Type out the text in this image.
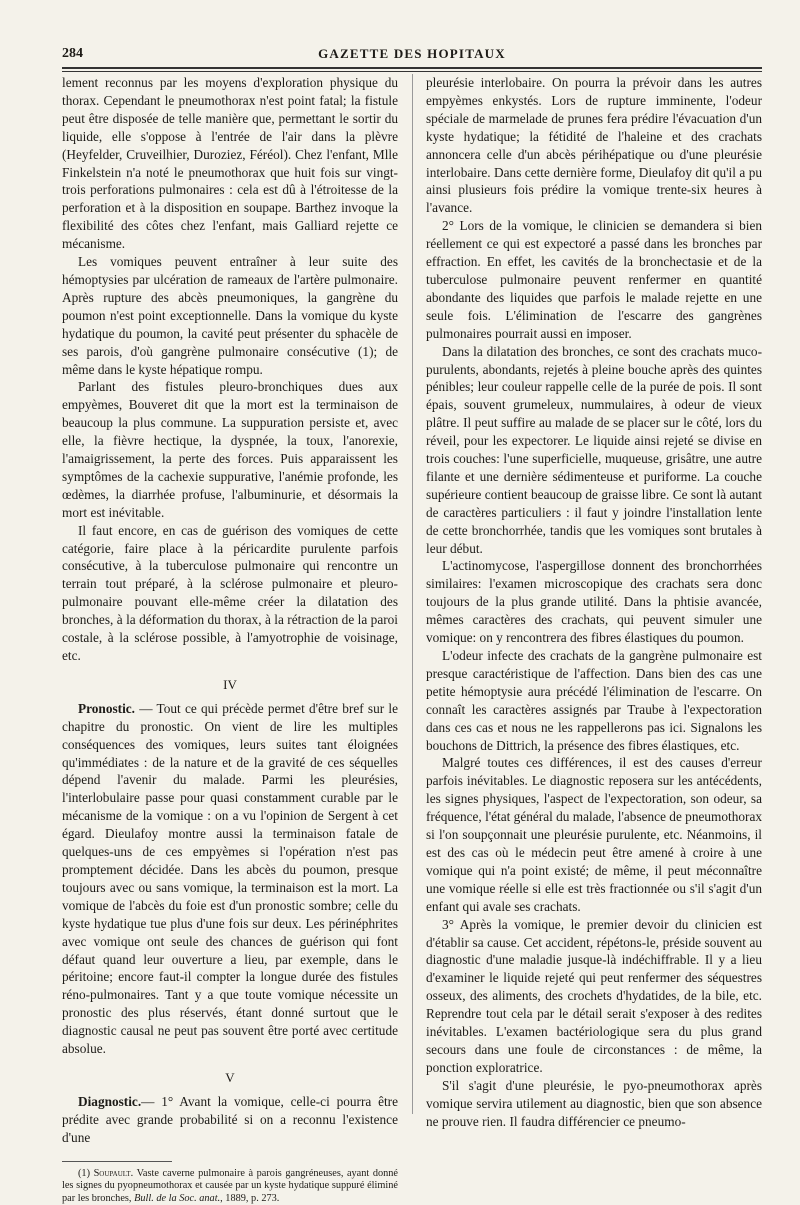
284	GAZETTE DES HOPITAUX

lement reconnus par les moyens d'exploration physique du thorax. Cependant le pneumothorax n'est point fatal; la fistule peut être disposée de telle manière que, permettant le sortir du liquide, elle s'oppose à l'entrée de l'air dans la plèvre (Heyfelder, Cruveilhier, Duroziez, Féréol). Chez l'enfant, Mlle Finkelstein n'a noté le pneumothorax que huit fois sur vingt-trois perforations pulmonaires : cela est dû à l'étroitesse de la perforation et à la disposition en soupape. Barthez invoque la flexibilité des côtes chez l'enfant, mais Galliard rejette ce mécanisme.

Les vomiques peuvent entraîner à leur suite des hémoptysies par ulcération de rameaux de l'artère pulmonaire. Après rupture des abcès pneumoniques, la gangrène du poumon n'est point exceptionnelle. Dans la vomique du kyste hydatique du poumon, la cavité peut présenter du sphacèle de ses parois, d'où gangrène pulmonaire consécutive (1); de même dans le kyste hépatique rompu.

Parlant des fistules pleuro-bronchiques dues aux empyèmes, Bouveret dit que la mort est la terminaison de beaucoup la plus commune. La suppuration persiste et, avec elle, la fièvre hectique, la dyspnée, la toux, l'anorexie, l'amaigrissement, la perte des forces. Puis apparaissent les symptômes de la cachexie suppurative, l'anémie profonde, les œdèmes, la diarrhée profuse, l'albuminurie, et désormais la mort est inévitable.

Il faut encore, en cas de guérison des vomiques de cette catégorie, faire place à la péricardite purulente parfois consécutive, à la tuberculose pulmonaire qui rencontre un terrain tout préparé, à la sclérose pulmonaire et pleuro-pulmonaire pouvant elle-même créer la dilatation des bronches, à la déformation du thorax, à la rétraction de la paroi costale, à la sclérose possible, à l'amyotrophie de voisinage, etc.

IV

Pronostic. — Tout ce qui précède permet d'être bref sur le chapitre du pronostic. On vient de lire les multiples conséquences des vomiques, leurs suites tant éloignées qu'immédiates : de la nature et de la gravité de ces séquelles dépend l'avenir du malade. Parmi les pleurésies, l'interlobulaire passe pour quasi constamment curable par le mécanisme de la vomique : on a vu l'opinion de Sergent à cet égard. Dieulafoy montre aussi la terminaison fatale de quelques-uns de ces empyèmes si l'opération n'est pas promptement décidée. Dans les abcès du poumon, presque toujours avec ou sans vomique, la terminaison est la mort. La vomique de l'abcès du foie est d'un pronostic sombre; celle du kyste hydatique tue plus d'une fois sur deux. Les périnéphrites avec vomique ont seule des chances de guérison qui font défaut quand leur ouverture a lieu, par exemple, dans le péritoine; encore faut-il compter la longue durée des fistules réno-pulmonaires. Tant y a que toute vomique nécessite un pronostic des plus réservés, étant donné surtout que le diagnostic causal ne peut pas souvent être porté avec certitude absolue.

V

Diagnostic.— 1° Avant la vomique, celle-ci pourra être prédite avec grande probabilité si on a reconnu l'existence d'une

(1) Soupault. Vaste caverne pulmonaire à parois gangréneuses, ayant donné les signes du pyopneumothorax et causée par un kyste hydatique suppuré éliminé par les bronches, Bull. de la Soc. anat., 1889, p. 273.

pleurésie interlobaire. On pourra la prévoir dans les autres empyèmes enkystés. Lors de rupture imminente, l'odeur spéciale de marmelade de prunes fera prédire l'évacuation d'un kyste hydatique; la fétidité de l'haleine et des crachats annoncera celle d'un abcès périhépatique ou d'une pleurésie interlobaire. Dans cette dernière forme, Dieulafoy dit qu'il a pu ainsi plusieurs fois prédire la vomique trente-six heures à l'avance.

2° Lors de la vomique, le clinicien se demandera si bien réellement ce qui est expectoré a passé dans les bronches par effraction. En effet, les cavités de la bronchectasie et de la tuberculose pulmonaire peuvent renfermer en quantité abondante des liquides que parfois le malade rejette en une seule fois. L'élimination de l'escarre des gangrènes pulmonaires pourrait aussi en imposer.

Dans la dilatation des bronches, ce sont des crachats muco-purulents, abondants, rejetés à pleine bouche après des quintes pénibles; leur couleur rappelle celle de la purée de pois. Il sont épais, souvent grumeleux, nummulaires, à odeur de vieux plâtre. Il peut suffire au malade de se placer sur le côté, lors du réveil, pour les expectorer. Le liquide ainsi rejeté se divise en trois couches: l'une superficielle, muqueuse, grisâtre, une autre filante et une dernière sédimenteuse et puriforme. La couche supérieure contient beaucoup de graisse libre. Ce sont là autant de caractères particuliers : il faut y joindre l'installation lente de cette bronchorrhée, tandis que les vomiques sont brutales à leur début.

L'actinomycose, l'aspergillose donnent des bronchorrhées similaires: l'examen microscopique des crachats sera donc toujours de la plus grande utilité. Dans la phtisie avancée, mêmes caractères des crachats, qui peuvent simuler une vomique: on y rencontrera des fibres élastiques du poumon.

L'odeur infecte des crachats de la gangrène pulmonaire est presque caractéristique de l'affection. Dans bien des cas une petite hémoptysie aura précédé l'élimination de l'escarre. On connaît les caractères assignés par Traube à l'expectoration dans ces cas et nous ne les rappellerons pas ici. Signalons les bouchons de Dittrich, la présence des fibres élastiques, etc.

Malgré toutes ces différences, il est des causes d'erreur parfois inévitables. Le diagnostic reposera sur les antécédents, les signes physiques, l'aspect de l'expectoration, son odeur, sa fréquence, l'état général du malade, l'absence de pneumothorax si l'on soupçonnait une pleurésie purulente, etc. Néanmoins, il est des cas où le médecin peut être amené à croire à une vomique qui n'a point existé; de même, il peut méconnaître une vomique réelle si elle est très fractionnée ou s'il s'agit d'un enfant qui avale ses crachats.

3° Après la vomique, le premier devoir du clinicien est d'établir sa cause. Cet accident, répétons-le, préside souvent au diagnostic d'une maladie jusque-là indéchiffrable. Il y a lieu d'examiner le liquide rejeté qui peut renfermer des séquestres osseux, des aliments, des crochets d'hydatides, de la bile, etc. Reprendre tout cela par le détail serait s'exposer à des redites inévitables. L'examen bactériologique sera du plus grand secours dans une foule de circonstances : de même, la ponction exploratrice.

S'il s'agit d'une pleurésie, le pyo-pneumothorax après vomique servira utilement au diagnostic, bien que son absence ne prouve rien. Il faudra différencier ce pneumo-
